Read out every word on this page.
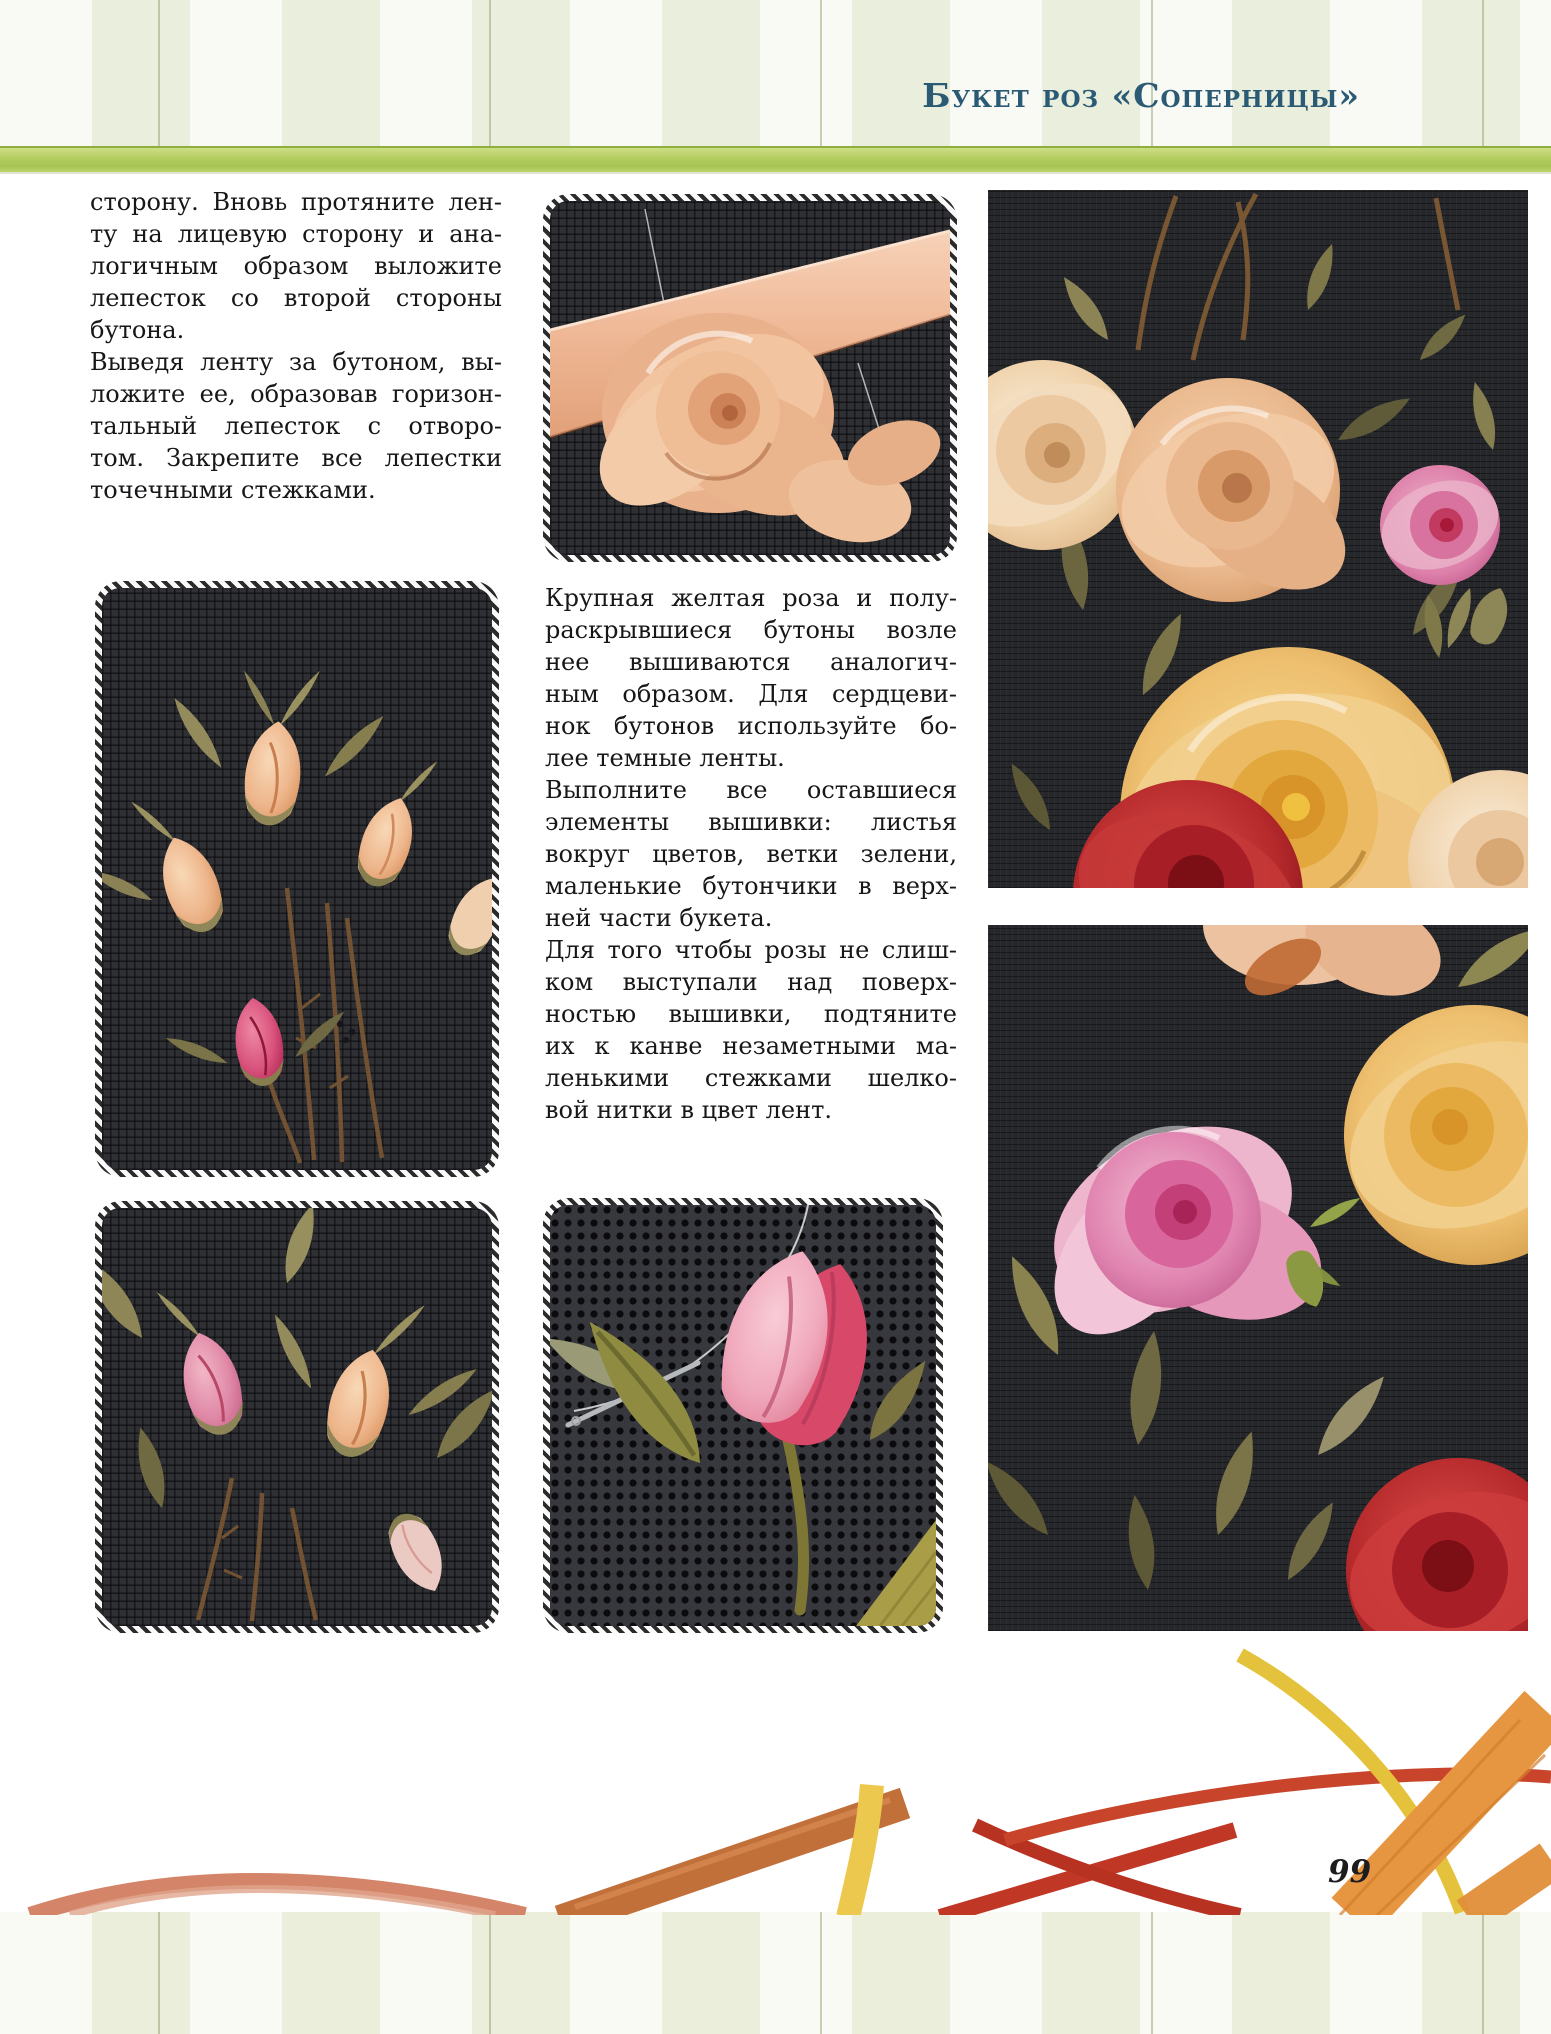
Букет роз «Соперницы»
сторону. Вновь протяните лен-
ту на лицевую сторону и ана-
логичным образом выложите
лепесток со второй стороны
бутона.
Выведя ленту за бутоном, вы-
ложите ее, образовав горизон-
тальный лепесток с отворо-
том. Закрепите все лепестки
точечными стежками.
Крупная желтая роза и полу-
раскрывшиеся бутоны возле
нее вышиваются аналогич-
ным образом. Для сердцеви-
нок бутонов используйте бо-
лее темные ленты.
Выполните все оставшиеся
элементы вышивки: листья
вокруг цветов, ветки зелени,
маленькие бутончики в верх-
ней части букета.
Для того чтобы розы не слиш-
ком выступали над поверх-
ностью вышивки, подтяните
их к канве незаметными ма-
ленькими стежками шелко-
вой нитки в цвет лент.
99
